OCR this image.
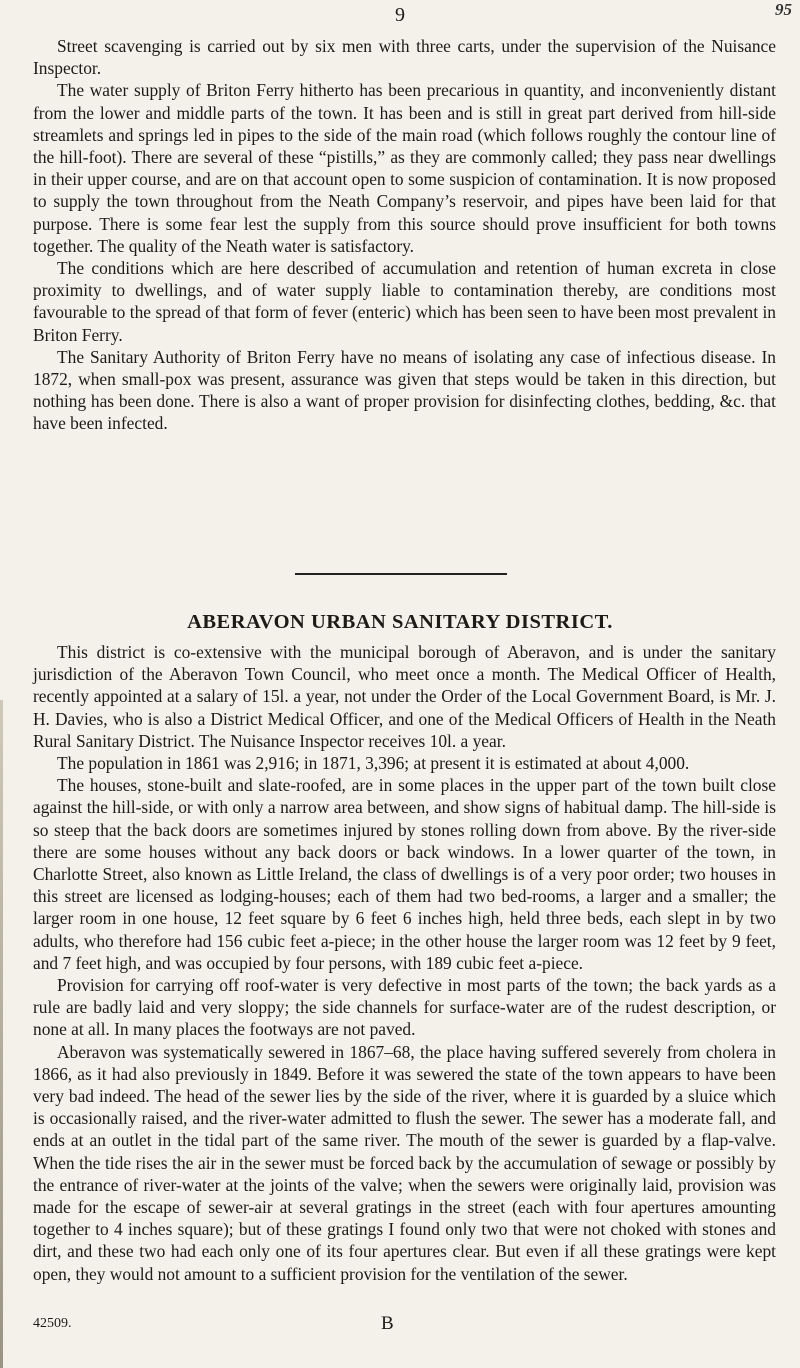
95
9

Street scavenging is carried out by six men with three carts, under the supervision of the Nuisance Inspector.

The water supply of Briton Ferry hitherto has been precarious in quantity, and inconveniently distant from the lower and middle parts of the town. It has been and is still in great part derived from hill-side streamlets and springs led in pipes to the side of the main road (which follows roughly the contour line of the hill-foot). There are several of these “pistills,” as they are commonly called; they pass near dwellings in their upper course, and are on that account open to some suspicion of contamination. It is now proposed to supply the town throughout from the Neath Company’s reservoir, and pipes have been laid for that purpose. There is some fear lest the supply from this source should prove insufficient for both towns together. The quality of the Neath water is satisfactory.

The conditions which are here described of accumulation and retention of human excreta in close proximity to dwellings, and of water supply liable to contamination thereby, are conditions most favourable to the spread of that form of fever (enteric) which has been seen to have been most prevalent in Briton Ferry.

The Sanitary Authority of Briton Ferry have no means of isolating any case of infectious disease. In 1872, when small-pox was present, assurance was given that steps would be taken in this direction, but nothing has been done. There is also a want of proper provision for disinfecting clothes, bedding, &c. that have been infected.

ABERAVON URBAN SANITARY DISTRICT.

This district is co-extensive with the municipal borough of Aberavon, and is under the sanitary jurisdiction of the Aberavon Town Council, who meet once a month. The Medical Officer of Health, recently appointed at a salary of 15l. a year, not under the Order of the Local Government Board, is Mr. J. H. Davies, who is also a District Medical Officer, and one of the Medical Officers of Health in the Neath Rural Sanitary District. The Nuisance Inspector receives 10l. a year.

The population in 1861 was 2,916; in 1871, 3,396; at present it is estimated at about 4,000.

The houses, stone-built and slate-roofed, are in some places in the upper part of the town built close against the hill-side, or with only a narrow area between, and show signs of habitual damp. The hill-side is so steep that the back doors are sometimes injured by stones rolling down from above. By the river-side there are some houses without any back doors or back windows. In a lower quarter of the town, in Charlotte Street, also known as Little Ireland, the class of dwellings is of a very poor order; two houses in this street are licensed as lodging-houses; each of them had two bed-rooms, a larger and a smaller; the larger room in one house, 12 feet square by 6 feet 6 inches high, held three beds, each slept in by two adults, who therefore had 156 cubic feet a-piece; in the other house the larger room was 12 feet by 9 feet, and 7 feet high, and was occupied by four persons, with 189 cubic feet a-piece.

Provision for carrying off roof-water is very defective in most parts of the town; the back yards as a rule are badly laid and very sloppy; the side channels for surface-water are of the rudest description, or none at all. In many places the footways are not paved.

Aberavon was systematically sewered in 1867–68, the place having suffered severely from cholera in 1866, as it had also previously in 1849. Before it was sewered the state of the town appears to have been very bad indeed. The head of the sewer lies by the side of the river, where it is guarded by a sluice which is occasionally raised, and the river-water admitted to flush the sewer. The sewer has a moderate fall, and ends at an outlet in the tidal part of the same river. The mouth of the sewer is guarded by a flap-valve. When the tide rises the air in the sewer must be forced back by the accumulation of sewage or possibly by the entrance of river-water at the joints of the valve; when the sewers were originally laid, provision was made for the escape of sewer-air at several gratings in the street (each with four apertures amounting together to 4 inches square); but of these gratings I found only two that were not choked with stones and dirt, and these two had each only one of its four apertures clear. But even if all these gratings were kept open, they would not amount to a sufficient provision for the ventilation of the sewer.

42509.	B
